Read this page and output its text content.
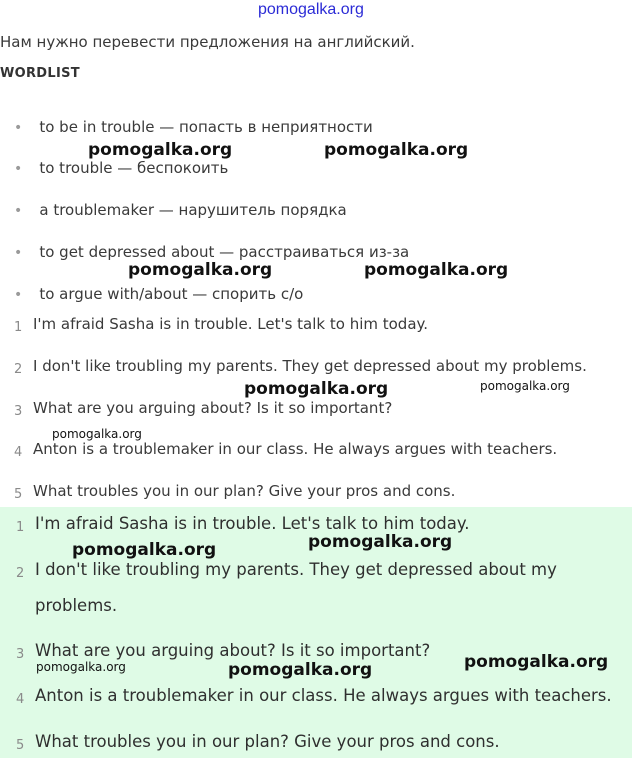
pomogalka.org
Нам нужно перевести предложения на английский.
WORDLIST
• to be in trouble — попасть в неприятности
• to trouble — беспокоить
• a troublemaker — нарушитель порядка
• to get depressed about — расстраиваться из-за
• to argue with/about — спорить с/о
1 I'm afraid Sasha is in trouble. Let's talk to him today.
2 I don't like troubling my parents. They get depressed about my problems.
3 What are you arguing about? Is it so important?
4 Anton is a troublemaker in our class. He always argues with teachers.
5 What troubles you in our plan? Give your pros and cons.
1 I'm afraid Sasha is in trouble. Let's talk to him today.
2 I don't like troubling my parents. They get depressed about my
problems.
3 What are you arguing about? Is it so important?
4 Anton is a troublemaker in our class. He always argues with teachers.
5 What troubles you in our plan? Give your pros and cons.
pomogalka.org	pomogalka.org
pomogalka.org	pomogalka.org
pomogalka.org	pomogalka.org
pomogalka.org
pomogalka.org	pomogalka.org
pomogalka.org	pomogalka.org	pomogalka.org
